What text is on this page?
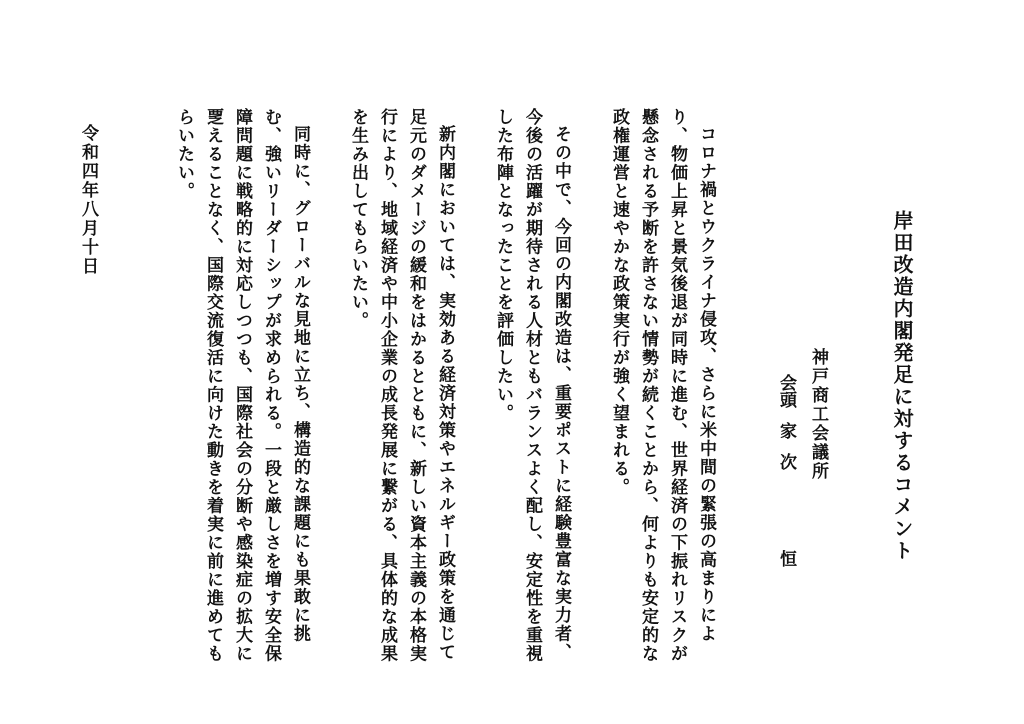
岸田改造内閣発足に対するコメント
神戸商工会議所
会頭家次恒

コロナ禍とウクライナ侵攻、さらに米中間の緊張の高まりにより、物価上昇と景気後退が同時に進む、世界経済の下振れリスクが懸念される予断を許さない情勢が続くことから、何よりも安定的な政権運営と速やかな政策実行が強く望まれる。

その中で、今回の内閣改造は、重要ポストに経験豊富な実力者、今後の活躍が期待される人材ともバランスよく配し、安定性を重視した布陣となったことを評価したい。

新内閣においては、実効ある経済対策やエネルギー政策を通じて足元のダメージの緩和をはかるとともに、新しい資本主義の本格実行により、地域経済や中小企業の成長発展に繋がる、具体的な成果を生み出してもらいたい。

同時に、グローバルな見地に立ち、構造的な課題にも果敢に挑む、強いリーダーシップが求められる。一段と厳しさを増す安全保障問題に戦略的に対応しつつも、国際社会の分断や感染症の拡大に覂えることなく、国際交流復活に向けた動きを着実に前に進めてもらいたい。

令和四年八月十日
